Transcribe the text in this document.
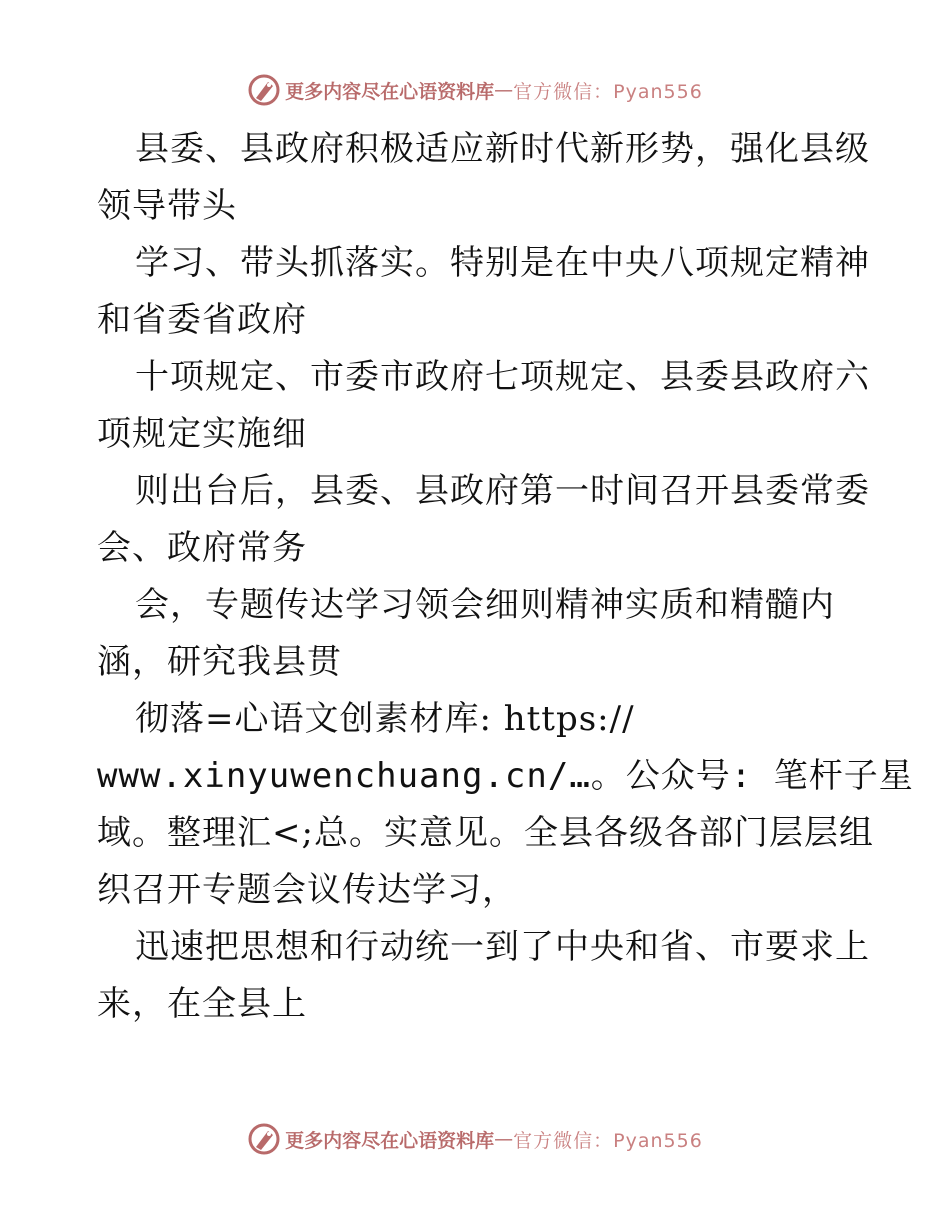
更多内容尽在心语资料库 — 官方微信：Pyan556
县委、县政府积极适应新时代新形势，强化县级
领导带头
学习、带头抓落实。特别是在中央八项规定精神
和省委省政府
十项规定、市委市政府七项规定、县委县政府六
项规定实施细
则出台后，县委、县政府第一时间召开县委常委
会、政府常务
会，专题传达学习领会细则精神实质和精髓内
涵，研究我县贯
彻落=心语文创素材库: https://
www.xinyuwenchuang.cn/…。公众号: 笔杆子星
域。整理汇<;总。实意见。全县各级各部门层层组
织召开专题会议传达学习，
迅速把思想和行动统一到了中央和省、市要求上
来，在全县上
更多内容尽在心语资料库 — 官方微信：Pyan556
